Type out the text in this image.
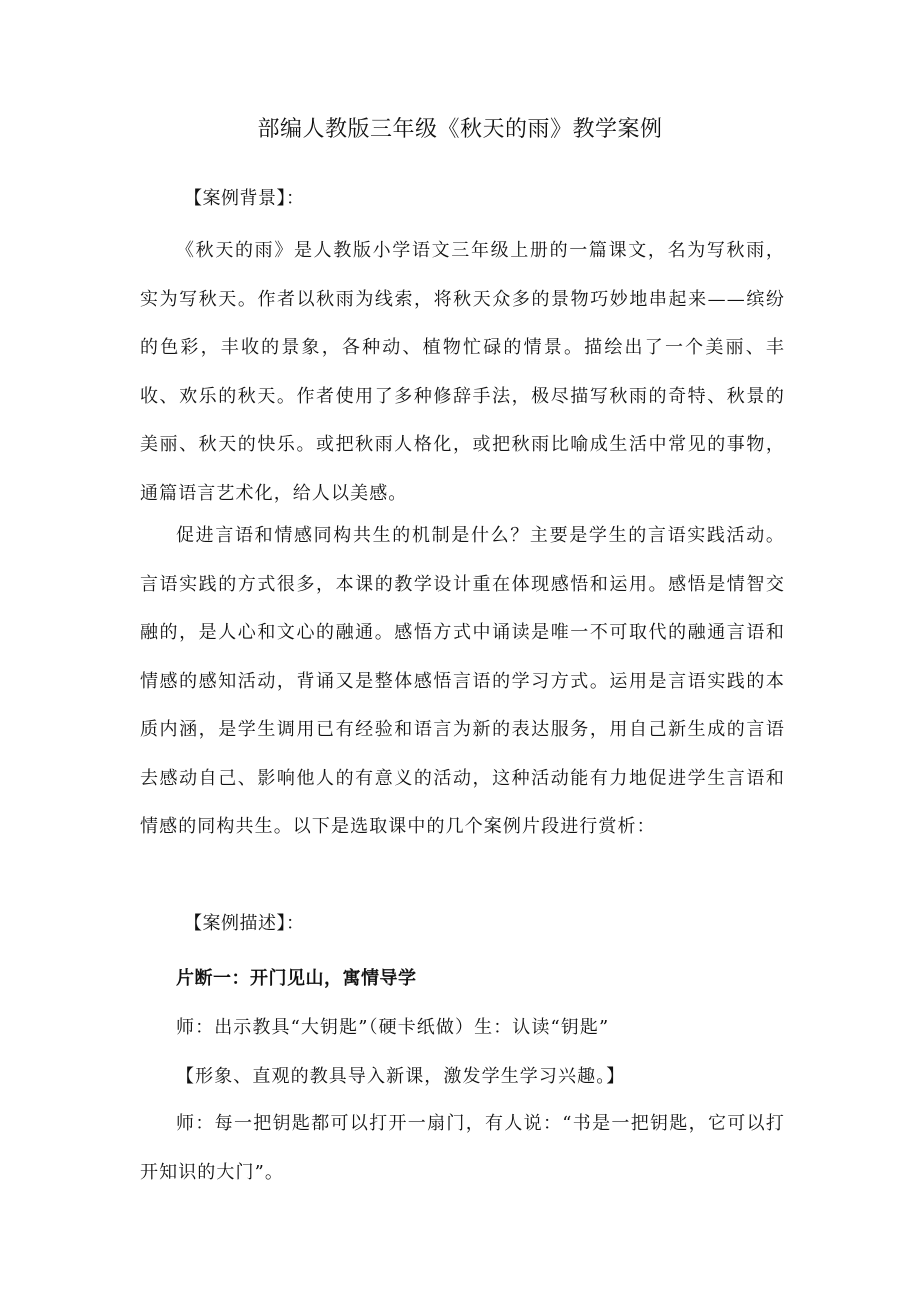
部编人教版三年级《秋天的雨》教学案例
【案例背景】：

《秋天的雨》是人教版小学语文三年级上册的一篇课文，名为写秋雨，实为写秋天。作者以秋雨为线索，将秋天众多的景物巧妙地串起来——缤纷的色彩，丰收的景象，各种动、植物忙碌的情景。描绘出了一个美丽、丰收、欢乐的秋天。作者使用了多种修辞手法，极尽描写秋雨的奇特、秋景的美丽、秋天的快乐。或把秋雨人格化，或把秋雨比喻成生活中常见的事物，通篇语言艺术化，给人以美感。

促进言语和情感同构共生的机制是什么？主要是学生的言语实践活动。言语实践的方式很多，本课的教学设计重在体现感悟和运用。感悟是情智交融的，是人心和文心的融通。感悟方式中诵读是唯一不可取代的融通言语和情感的感知活动，背诵又是整体感悟言语的学习方式。运用是言语实践的本质内涵，是学生调用已有经验和语言为新的表达服务，用自己新生成的言语去感动自己、影响他人的有意义的活动，这种活动能有力地促进学生言语和情感的同构共生。以下是选取课中的几个案例片段进行赏析：

【案例描述】：
片断一：开门见山，寓情导学
师：出示教具“大钥匙”（硬卡纸做）生：认读“钥匙”
【形象、直观的教具导入新课，激发学生学习兴趣。】

师：每一把钥匙都可以打开一扇门，有人说：“书是一把钥匙，它可以打开知识的大门”。
